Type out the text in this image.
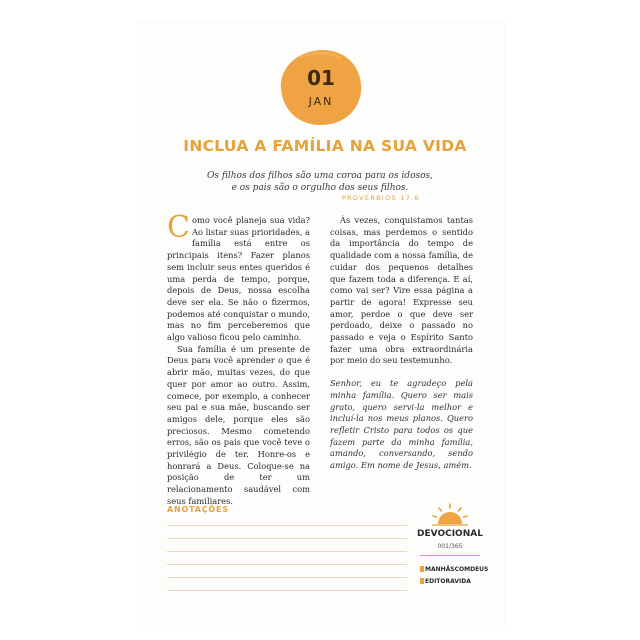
01
JAN
INCLUA A FAMÍLIA NA SUA VIDA
Os filhos dos filhos são uma coroa para os idosos,
e os pais são o orgulho dos seus filhos.
PROVÉRBIOS 17.6

Como você planeja sua vida? Ao listar suas prioridades, a família está entre os principais itens? Fazer planos sem incluir seus entes queridos é uma perda de tempo, porque, depois de Deus, nossa escolha deve ser ela. Se não o fizermos, podemos até conquistar o mundo, mas no fim perceberemos que algo valioso ficou pelo caminho.

Sua família é um presente de Deus para você aprender o que é abrir mão, muitas vezes, do que quer por amor ao outro. Assim, comece, por exemplo, a conhecer seu pai e sua mãe, buscando ser amigos dele, porque eles são preciosos. Mesmo cometendo erros, são os pais que você teve o privilégio de ter. Honre-os e honrará a Deus. Coloque-se na posição de ter um relacionamento saudável com seus familiares.

Às vezes, conquistamos tantas coisas, mas perdemos o sentido da importância do tempo de qualidade com a nossa família, de cuidar dos pequenos detalhes que fazem toda a diferença. E aí, como vai ser? Vire essa página a partir de agora! Expresse seu amor, perdoe o que deve ser perdoado, deixe o passado no passado e veja o Espírito Santo fazer uma obra extraordinária por meio do seu testemunho.

Senhor, eu te agradeço pela minha família. Quero ser mais grato, quero servi-la melhor e incluí-la nos meus planos. Quero refletir Cristo para todos os que fazem parte da minha família, amando, conversando, sendo amigo. Em nome de Jesus, amém.

ANOTAÇÕES
DEVOCIONAL
001/365
MANHÃSCOMDEUS
EDITORAVIDA
